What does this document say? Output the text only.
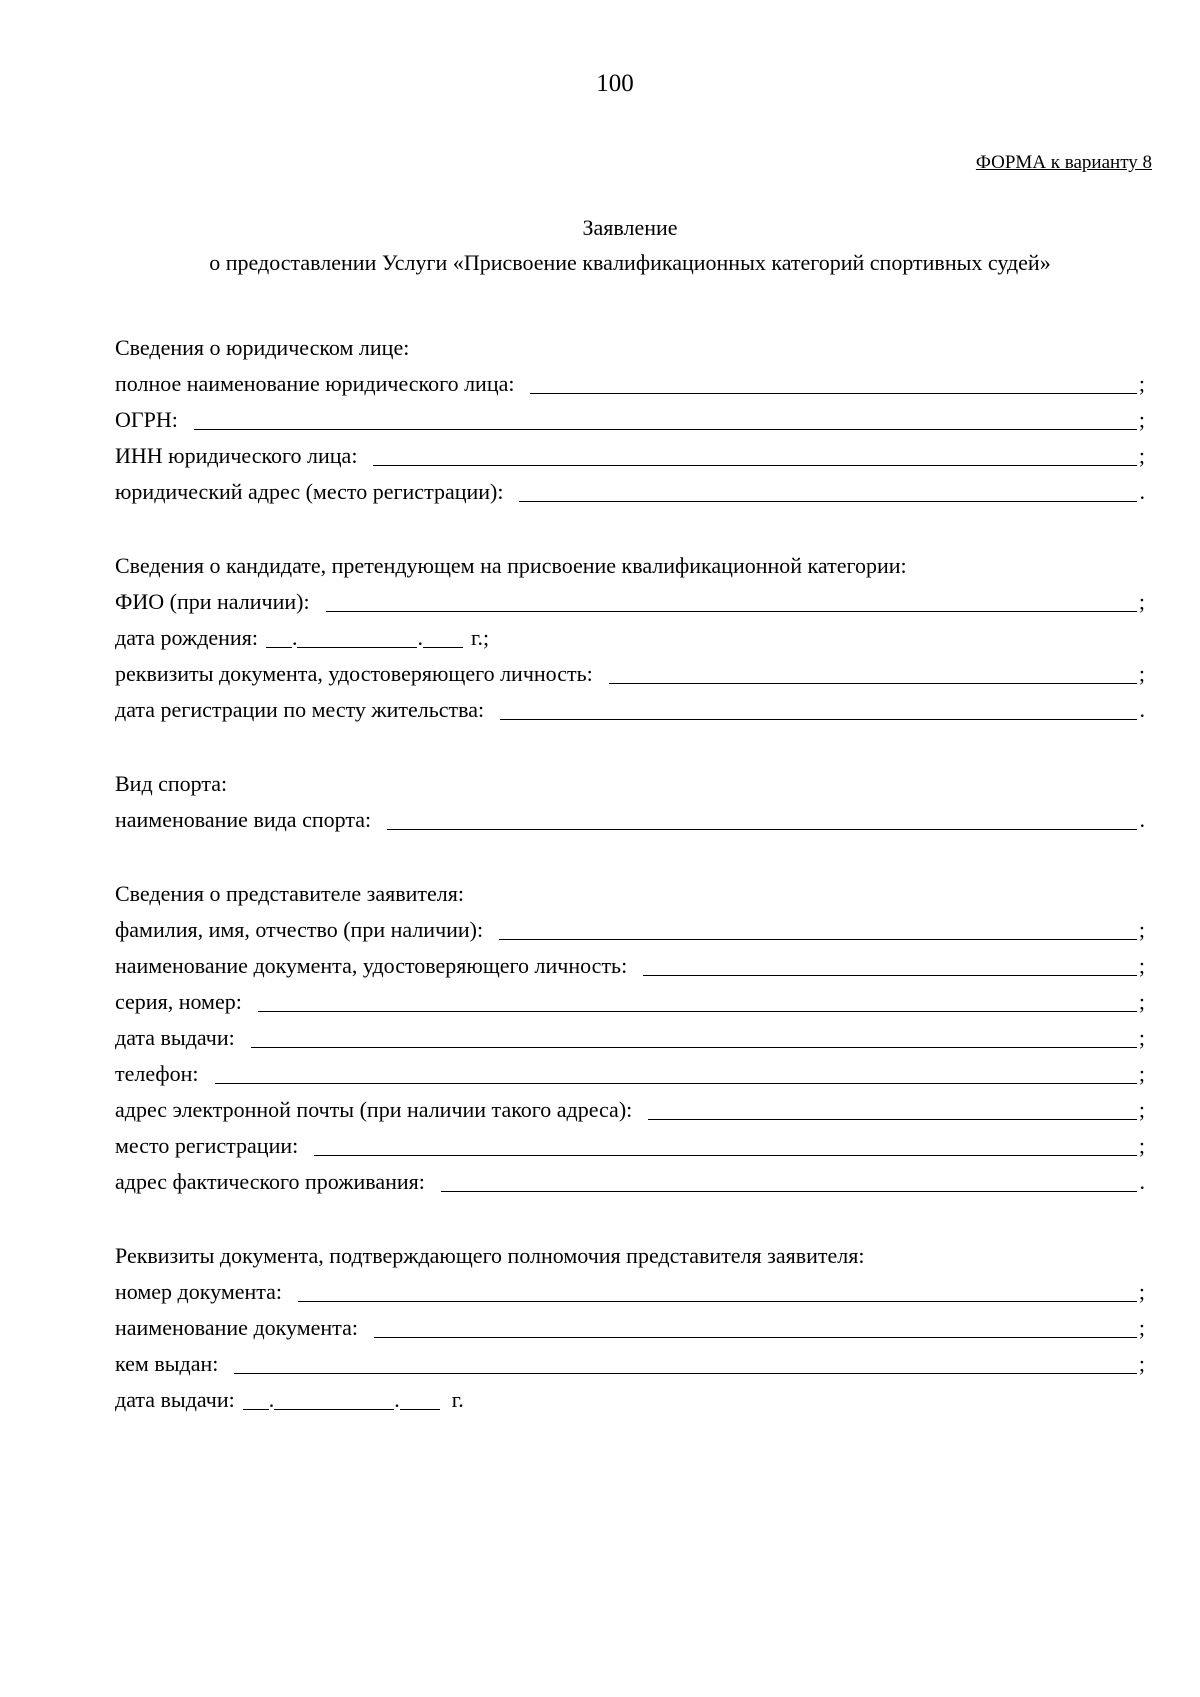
100
ФОРМА к варианту 8
Заявление
о предоставлении Услуги «Присвоение квалификационных категорий спортивных судей»
Сведения о юридическом лице:
полное наименование юридического лица:	;
ОГРН:	;
ИНН юридического лица:	;
юридический адрес (место регистрации):	.
Сведения о кандидате, претендующем на присвоение квалификационной категории:
ФИО (при наличии):	;
дата рождения:	.	.	г.;
реквизиты документа, удостоверяющего личность:	;
дата регистрации по месту жительства:	.
Вид спорта:
наименование вида спорта:	.
Сведения о представителе заявителя:
фамилия, имя, отчество (при наличии):	;
наименование документа, удостоверяющего личность:	;
серия, номер:	;
дата выдачи:	;
телефон:	;
адрес электронной почты (при наличии такого адреса):	;
место регистрации:	;
адрес фактического проживания:	.
Реквизиты документа, подтверждающего полномочия представителя заявителя:
номер документа:	;
наименование документа:	;
кем выдан:	;
дата выдачи:	.	.	г.
